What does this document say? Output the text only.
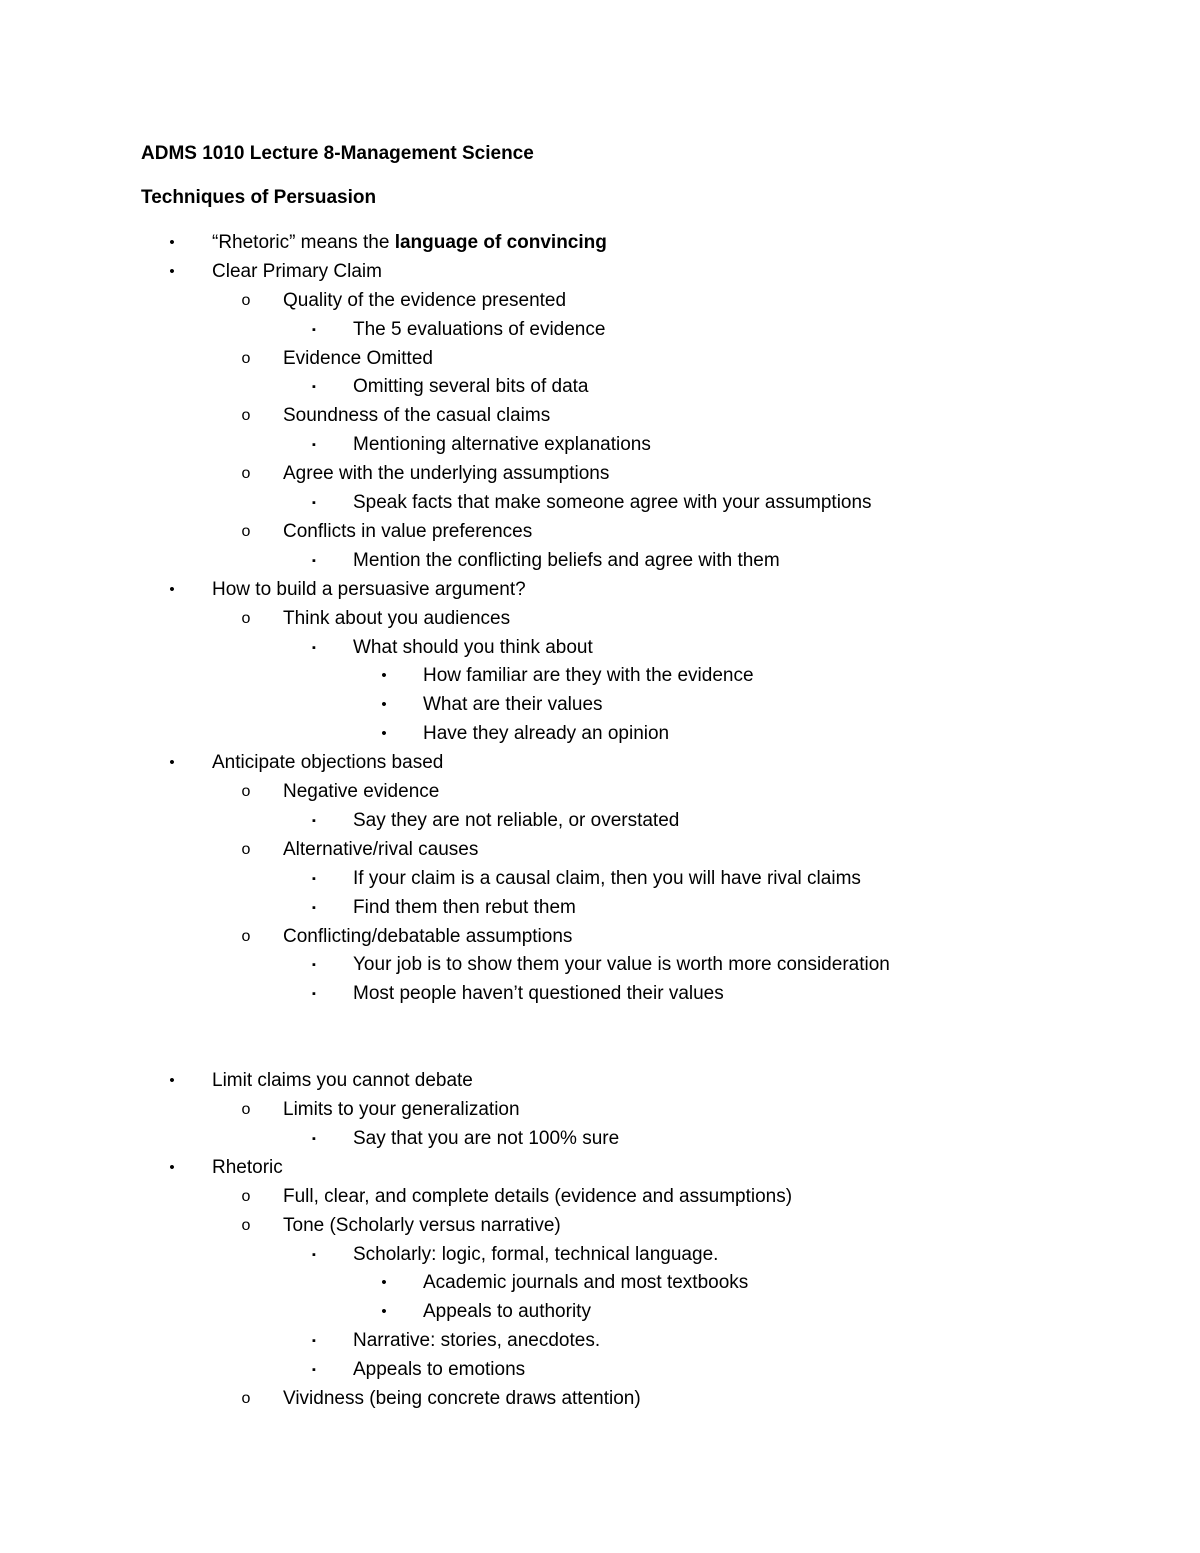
ADMS 1010 Lecture 8-Management Science
Techniques of Persuasion
• “Rhetoric” means the language of convincing
• Clear Primary Claim
o Quality of the evidence presented
▪	The 5 evaluations of evidence
o Evidence Omitted
▪	Omitting several bits of data
o Soundness of the casual claims
▪	Mentioning alternative explanations
o Agree with the underlying assumptions
▪	Speak facts that make someone agree with your assumptions
o Conflicts in value preferences
▪	Mention the conflicting beliefs and agree with them
• How to build a persuasive argument?
o Think about you audiences
▪	What should you think about
• How familiar are they with the evidence
• What are their values
• Have they already an opinion
• Anticipate objections based
o Negative evidence
▪	Say they are not reliable, or overstated
o Alternative/rival causes
▪	If your claim is a causal claim, then you will have rival claims
▪	Find them then rebut them
o Conflicting/debatable assumptions
▪	Your job is to show them your value is worth more consideration
▪	Most people haven’t questioned their values
• Limit claims you cannot debate
o Limits to your generalization
▪	Say that you are not 100% sure
• Rhetoric
o Full, clear, and complete details (evidence and assumptions)
o Tone (Scholarly versus narrative)
▪	Scholarly: logic, formal, technical language.
• Academic journals and most textbooks
• Appeals to authority
▪	Narrative: stories, anecdotes.
▪	Appeals to emotions
o Vividness (being concrete draws attention)
